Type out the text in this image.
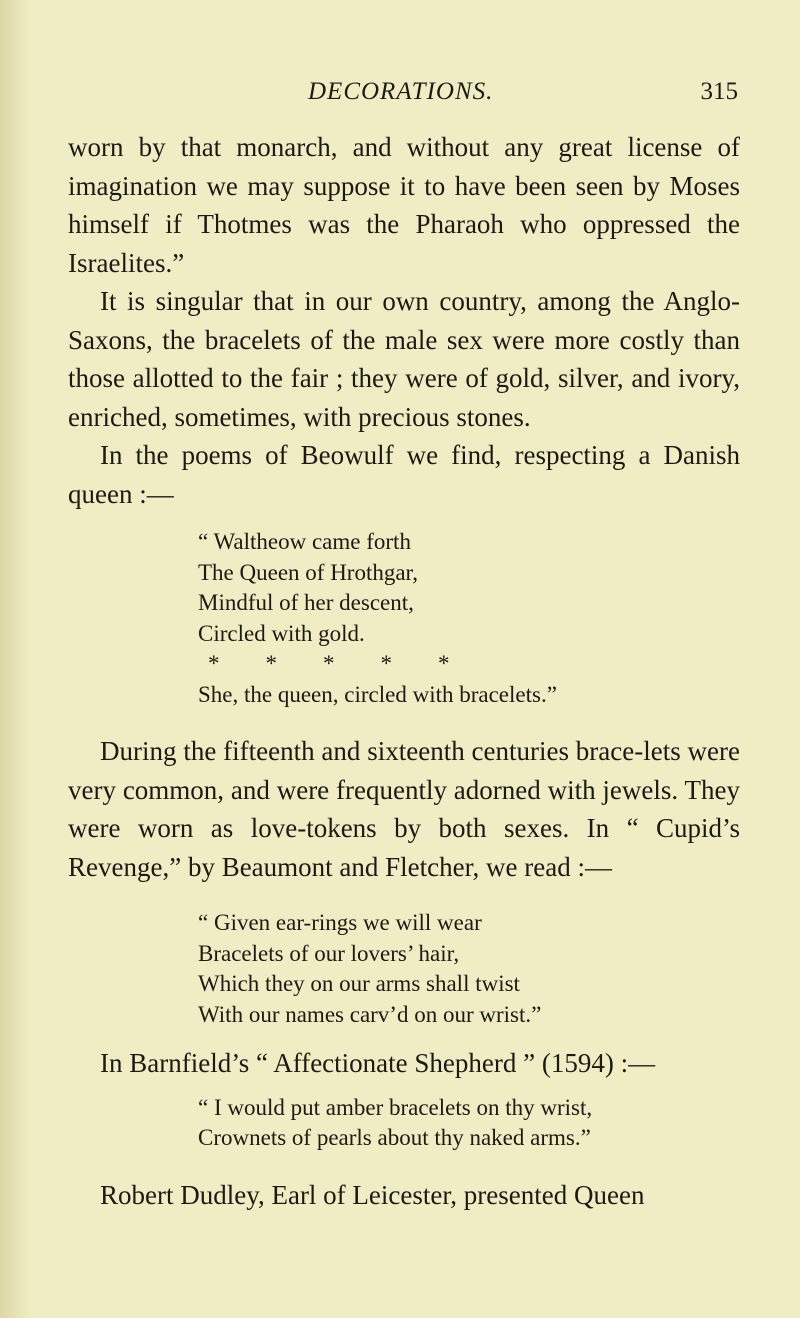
DECORATIONS.	315

worn by that monarch, and without any great license of imagination we may suppose it to have been seen by Moses himself if Thotmes was the Pharaoh who oppressed the Israelites.”

It is singular that in our own country, among the Anglo-Saxons, the bracelets of the male sex were more costly than those allotted to the fair ; they were of gold, silver, and ivory, enriched, sometimes, with precious stones.

In the poems of Beowulf we find, respecting a Danish queen :—

“ Waltheow came forth
The Queen of Hrothgar,
Mindful of her descent,
Circled with gold.
*        *        *        *        *
She, the queen, circled with bracelets.”

During the fifteenth and sixteenth centuries brace-lets were very common, and were frequently adorned with jewels. They were worn as love-tokens by both sexes. In “ Cupid’s Revenge,” by Beaumont and Fletcher, we read :—

“ Given ear-rings we will wear
Bracelets of our lovers’ hair,
Which they on our arms shall twist
With our names carv’d on our wrist.”

In Barnfield’s “ Affectionate Shepherd ” (1594) :—

“ I would put amber bracelets on thy wrist,
Crownets of pearls about thy naked arms.”

Robert Dudley, Earl of Leicester, presented Queen
